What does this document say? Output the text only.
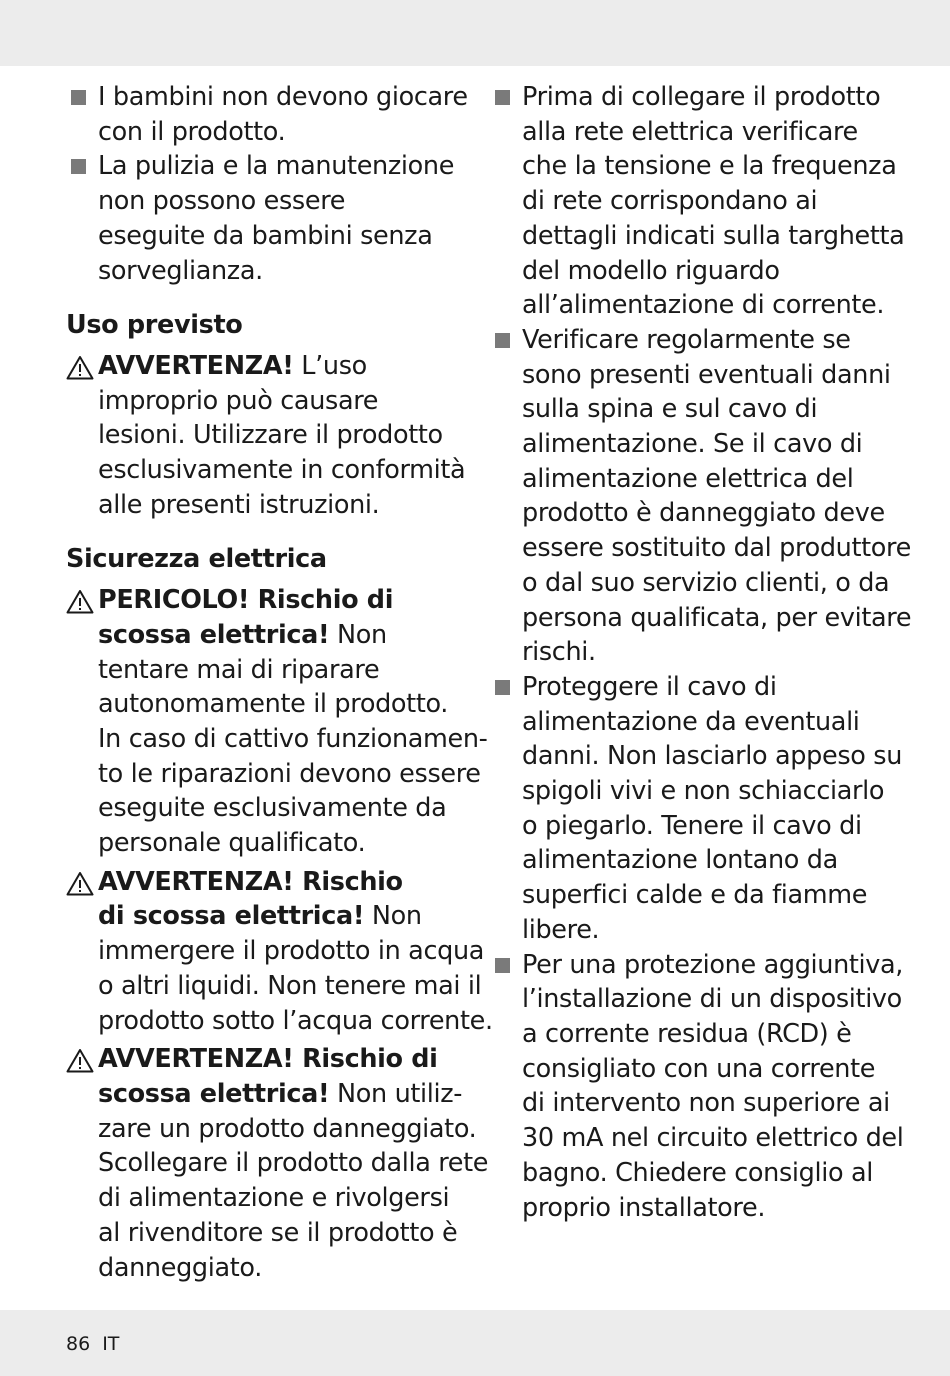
I bambini non devono giocare
con il prodotto.
La pulizia e la manutenzione
non possono essere
eseguite da bambini senza
sorveglianza.
Uso previsto
AVVERTENZA! L’uso
improprio può causare
lesioni. Utilizzare il prodotto
esclusivamente in conformità
alle presenti istruzioni.
Sicurezza elettrica
PERICOLO! Rischio di
scossa elettrica! Non
tentare mai di riparare
autonomamente il prodotto.
In caso di cattivo funzionamen-
to le riparazioni devono essere
eseguite esclusivamente da
personale qualificato.
AVVERTENZA! Rischio
di scossa elettrica! Non
immergere il prodotto in acqua
o altri liquidi. Non tenere mai il
prodotto sotto l’acqua corrente.
AVVERTENZA! Rischio di
scossa elettrica! Non utiliz-
zare un prodotto danneggiato.
Scollegare il prodotto dalla rete
di alimentazione e rivolgersi
al rivenditore se il prodotto è
danneggiato.
Prima di collegare il prodotto
alla rete elettrica verificare
che la tensione e la frequenza
di rete corrispondano ai
dettagli indicati sulla targhetta
del modello riguardo
all’alimentazione di corrente.
Verificare regolarmente se
sono presenti eventuali danni
sulla spina e sul cavo di
alimentazione. Se il cavo di
alimentazione elettrica del
prodotto è danneggiato deve
essere sostituito dal produttore
o dal suo servizio clienti, o da
persona qualificata, per evitare
rischi.
Proteggere il cavo di
alimentazione da eventuali
danni. Non lasciarlo appeso su
spigoli vivi e non schiacciarlo
o piegarlo. Tenere il cavo di
alimentazione lontano da
superfici calde e da fiamme
libere.
Per una protezione aggiuntiva,
l’installazione di un dispositivo
a corrente residua (RCD) è
consigliato con una corrente
di intervento non superiore ai
30 mA nel circuito elettrico del
bagno. Chiedere consiglio al
proprio installatore.
86 IT
